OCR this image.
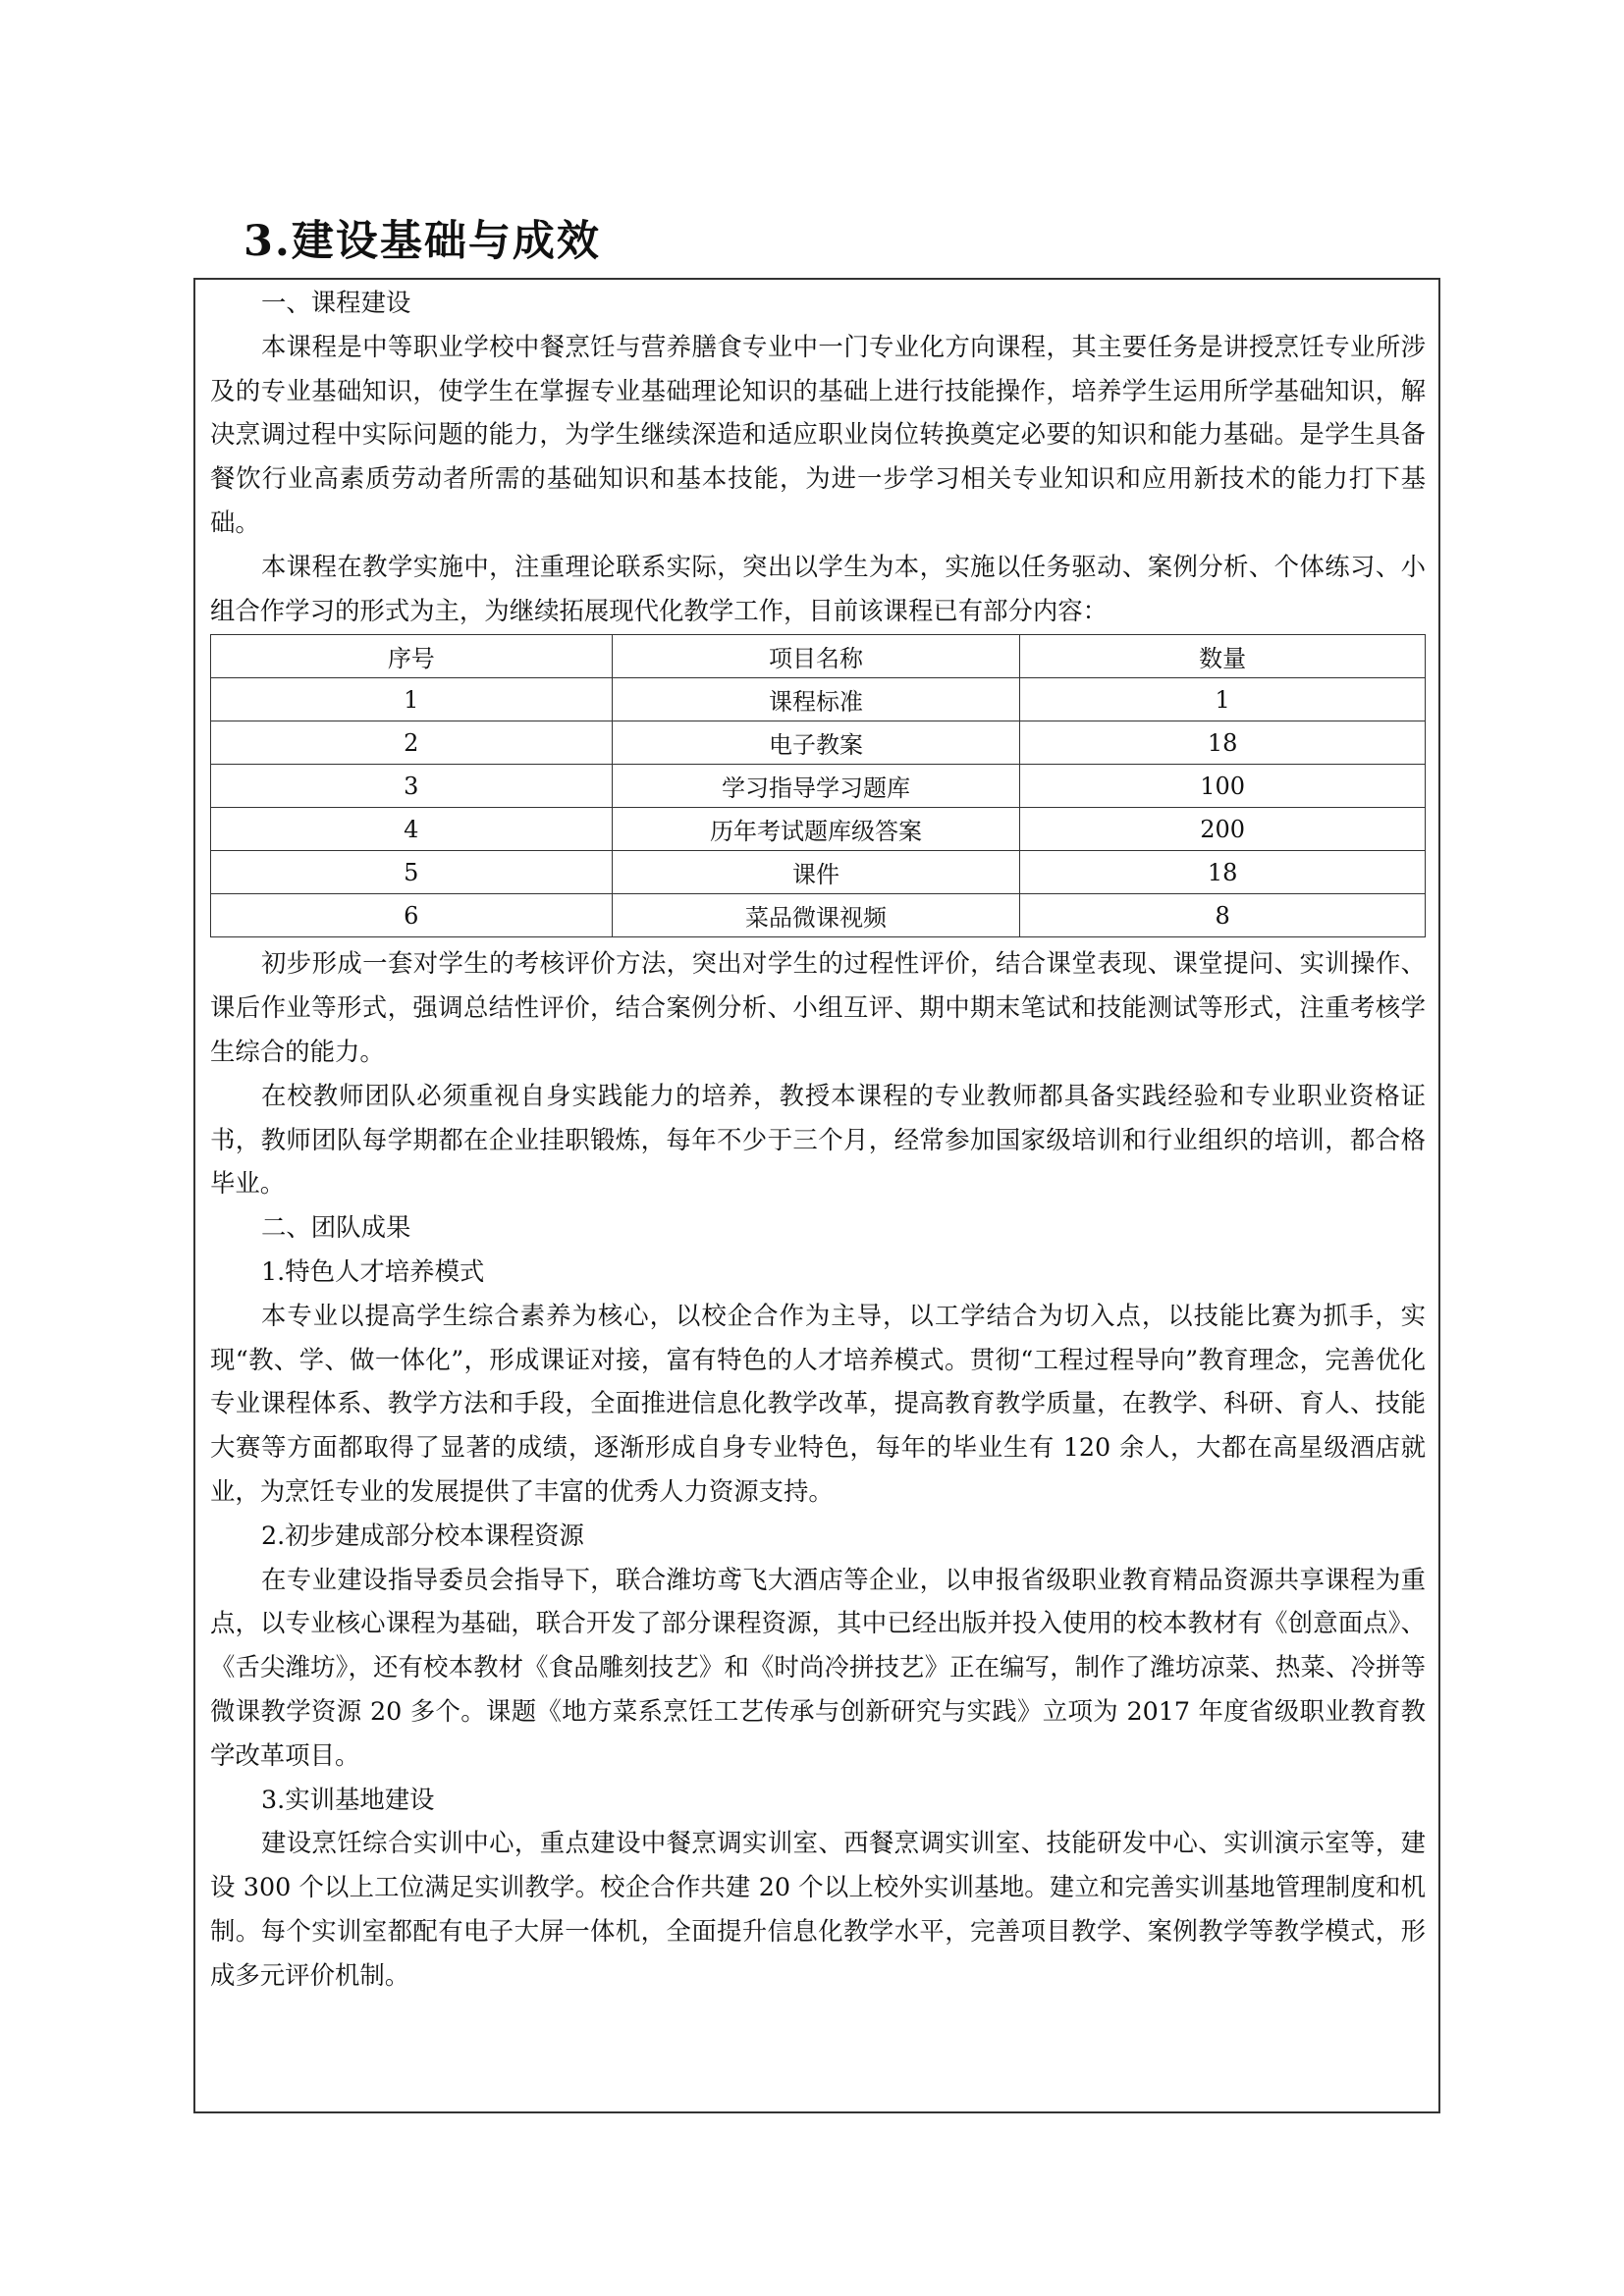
3.建设基础与成效
一、课程建设

本课程是中等职业学校中餐烹饪与营养膳食专业中一门专业化方向课程，其主要任务是讲授烹饪专业所涉及的专业基础知识，使学生在掌握专业基础理论知识的基础上进行技能操作，培养学生运用所学基础知识，解决烹调过程中实际问题的能力，为学生继续深造和适应职业岗位转换奠定必要的知识和能力基础。是学生具备餐饮行业高素质劳动者所需的基础知识和基本技能，为进一步学习相关专业知识和应用新技术的能力打下基础。

本课程在教学实施中，注重理论联系实际，突出以学生为本，实施以任务驱动、案例分析、个体练习、小组合作学习的形式为主，为继续拓展现代化教学工作，目前该课程已有部分内容：

序号	项目名称	数量
1	课程标准	1
2	电子教案	18
3	学习指导学习题库	100
4	历年考试题库级答案	200
5	课件	18
6	菜品微课视频	8

初步形成一套对学生的考核评价方法，突出对学生的过程性评价，结合课堂表现、课堂提问、实训操作、课后作业等形式，强调总结性评价，结合案例分析、小组互评、期中期末笔试和技能测试等形式，注重考核学生综合的能力。

在校教师团队必须重视自身实践能力的培养，教授本课程的专业教师都具备实践经验和专业职业资格证书，教师团队每学期都在企业挂职锻炼，每年不少于三个月，经常参加国家级培训和行业组织的培训，都合格毕业。

二、团队成果
1.特色人才培养模式

本专业以提高学生综合素养为核心，以校企合作为主导，以工学结合为切入点，以技能比赛为抓手，实现“教、学、做一体化”，形成课证对接，富有特色的人才培养模式。贯彻“工程过程导向”教育理念，完善优化专业课程体系、教学方法和手段，全面推进信息化教学改革，提高教育教学质量，在教学、科研、育人、技能大赛等方面都取得了显著的成绩，逐渐形成自身专业特色，每年的毕业生有 120 余人，大都在高星级酒店就业，为烹饪专业的发展提供了丰富的优秀人力资源支持。

2.初步建成部分校本课程资源

在专业建设指导委员会指导下，联合潍坊鸢飞大酒店等企业，以申报省级职业教育精品资源共享课程为重点，以专业核心课程为基础，联合开发了部分课程资源，其中已经出版并投入使用的校本教材有《创意面点》、《舌尖潍坊》，还有校本教材《食品雕刻技艺》和《时尚冷拼技艺》正在编写，制作了潍坊凉菜、热菜、冷拼等微课教学资源 20 多个。课题《地方菜系烹饪工艺传承与创新研究与实践》立项为 2017 年度省级职业教育教学改革项目。

3.实训基地建设

建设烹饪综合实训中心，重点建设中餐烹调实训室、西餐烹调实训室、技能研发中心、实训演示室等，建设 300 个以上工位满足实训教学。校企合作共建 20 个以上校外实训基地。建立和完善实训基地管理制度和机制。每个实训室都配有电子大屏一体机，全面提升信息化教学水平，完善项目教学、案例教学等教学模式，形成多元评价机制。
